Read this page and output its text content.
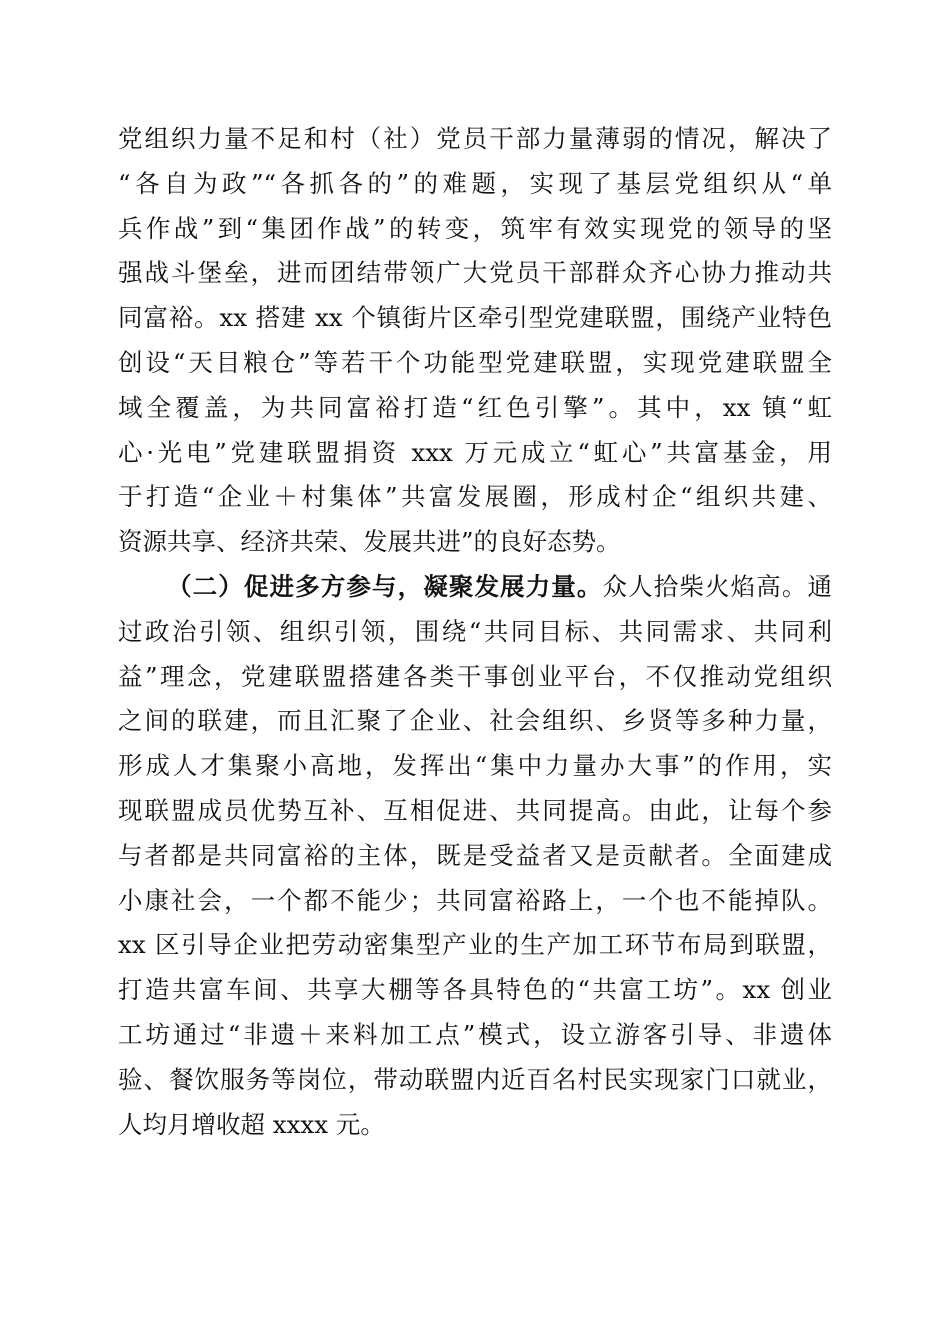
党组织力量不足和村（社）党员干部力量薄弱的情况，解决了
“各自为政”“各抓各的”的难题，实现了基层党组织从“单
兵作战”到“集团作战”的转变，筑牢有效实现党的领导的坚
强战斗堡垒，进而团结带领广大党员干部群众齐心协力推动共
同富裕。xx 搭建 xx 个镇街片区牵引型党建联盟，围绕产业特色
创设“天目粮仓”等若干个功能型党建联盟，实现党建联盟全
域全覆盖，为共同富裕打造“红色引擎”。其中，xx 镇“虹
心·光电”党建联盟捐资 xxx 万元成立“虹心”共富基金，用
于打造“企业＋村集体”共富发展圈，形成村企“组织共建、
资源共享、经济共荣、发展共进”的良好态势。
（二）促进多方参与，凝聚发展力量。众人拾柴火焰高。通
过政治引领、组织引领，围绕“共同目标、共同需求、共同利
益”理念，党建联盟搭建各类干事创业平台，不仅推动党组织
之间的联建，而且汇聚了企业、社会组织、乡贤等多种力量，
形成人才集聚小高地，发挥出“集中力量办大事”的作用，实
现联盟成员优势互补、互相促进、共同提高。由此，让每个参
与者都是共同富裕的主体，既是受益者又是贡献者。全面建成
小康社会，一个都不能少；共同富裕路上，一个也不能掉队。
xx 区引导企业把劳动密集型产业的生产加工环节布局到联盟，
打造共富车间、共享大棚等各具特色的“共富工坊”。xx 创业
工坊通过“非遗＋来料加工点”模式，设立游客引导、非遗体
验、餐饮服务等岗位，带动联盟内近百名村民实现家门口就业，
人均月增收超 xxxx 元。
